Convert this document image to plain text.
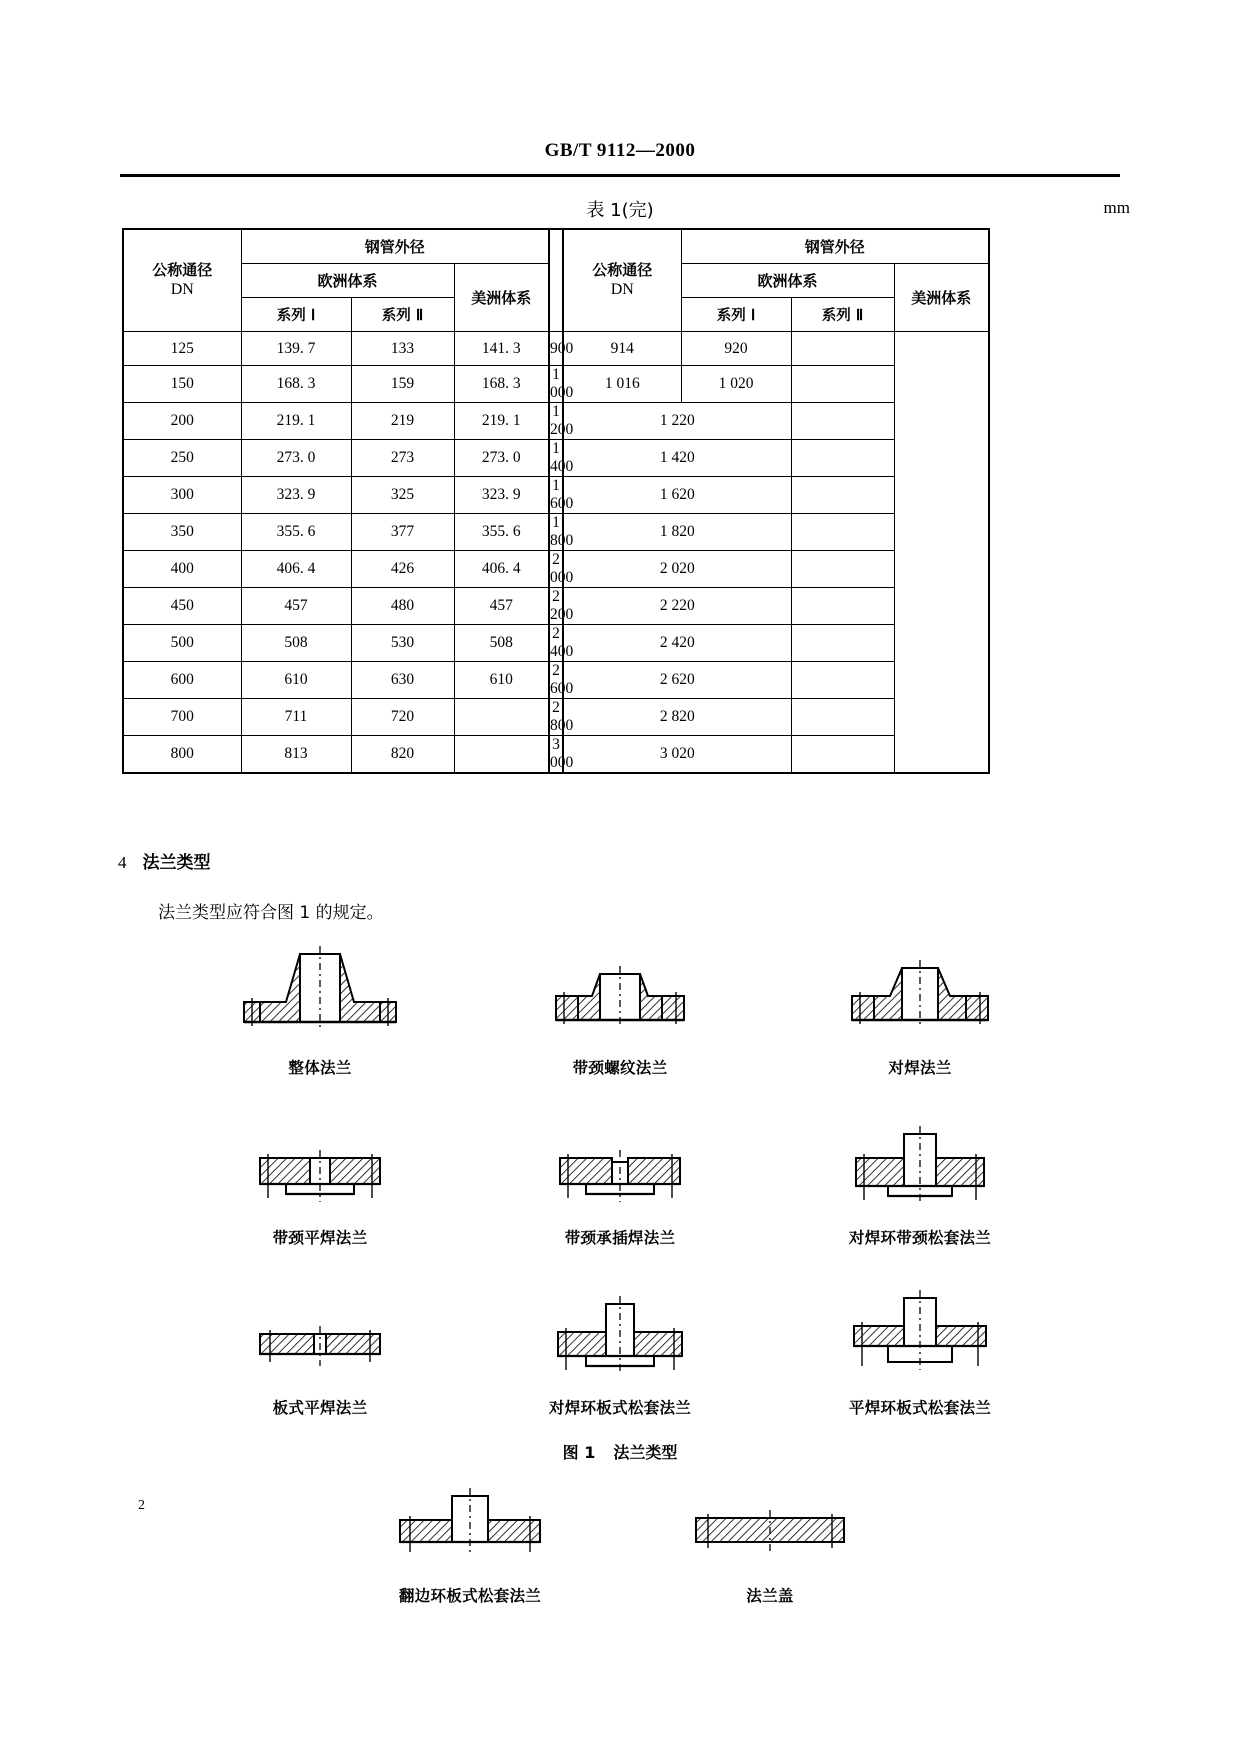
GB/T 9112—2000
表 1(完)	mm
公称通径
DN
	钢管外径		
公称通径
DN
	钢管外径
	欧洲体系		美洲体系			欧洲体系		美洲体系
	系列 Ⅰ	系列 Ⅱ				系列 Ⅰ	系列 Ⅱ	
125	139. 7	133	141. 3	900	914	920		
150	168. 3	159	168. 3	1 000	1 016	1 020		
200	219. 1	219	219. 1	1 200	1 220			
250	273. 0	273	273. 0	1 400	1 420			
300	323. 9	325	323. 9	1 600	1 620			
350	355. 6	377	355. 6	1 800	1 820			
400	406. 4	426	406. 4	2 000	2 020			
450	457	480	457	2 200	2 220			
500	508	530	508	2 400	2 420			
600	610	630	610	2 600	2 620			
700	711	720		2 800	2 820			
800	813	820		3 000	3 020			
4 法兰类型
法兰类型应符合图 1 的规定。
整体法兰	带颈螺纹法兰	对焊法兰
带颈平焊法兰	带颈承插焊法兰	对焊环带颈松套法兰
板式平焊法兰	对焊环板式松套法兰	平焊环板式松套法兰
翻边环板式松套法兰	法兰盖
图 1 法兰类型
2
